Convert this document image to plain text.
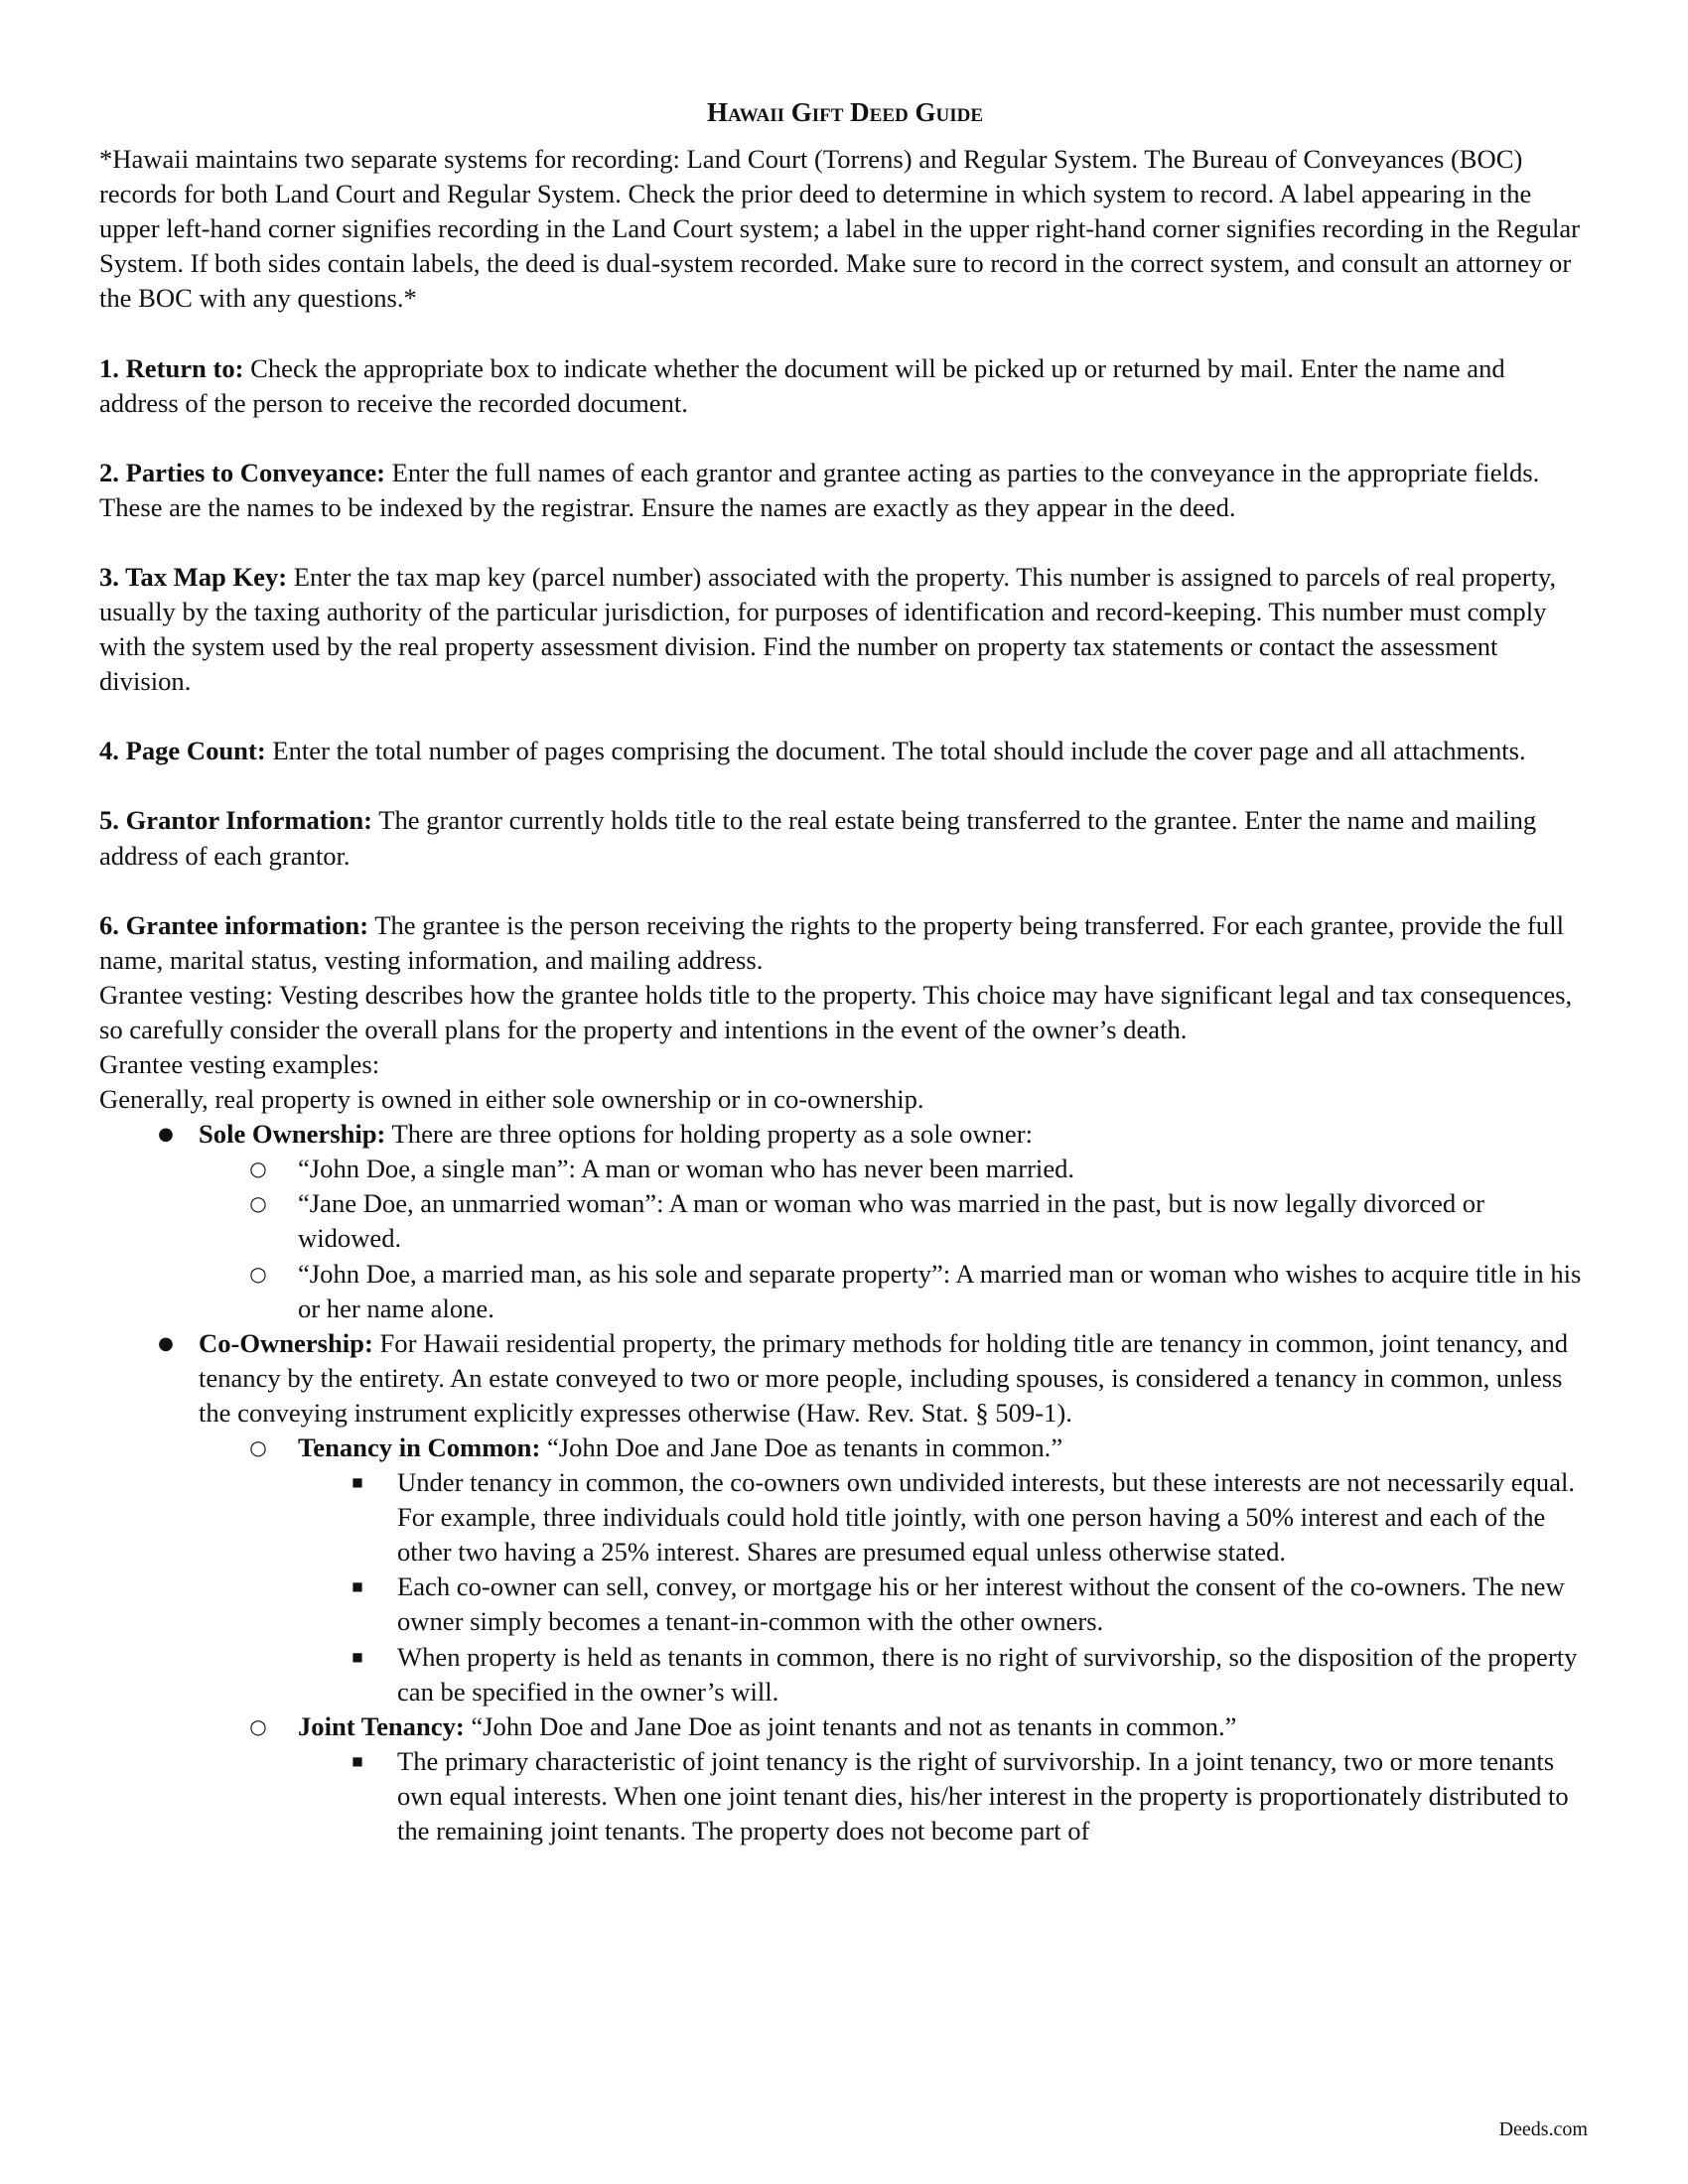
Hawaii Gift Deed Guide

*Hawaii maintains two separate systems for recording: Land Court (Torrens) and Regular System. The Bureau of Conveyances (BOC) records for both Land Court and Regular System. Check the prior deed to determine in which system to record. A label appearing in the upper left-hand corner signifies recording in the Land Court system; a label in the upper right-hand corner signifies recording in the Regular System. If both sides contain labels, the deed is dual-system recorded. Make sure to record in the correct system, and consult an attorney or the BOC with any questions.*

1. Return to: Check the appropriate box to indicate whether the document will be picked up or returned by mail. Enter the name and address of the person to receive the recorded document.

2. Parties to Conveyance: Enter the full names of each grantor and grantee acting as parties to the conveyance in the appropriate fields. These are the names to be indexed by the registrar. Ensure the names are exactly as they appear in the deed.

3. Tax Map Key: Enter the tax map key (parcel number) associated with the property. This number is assigned to parcels of real property, usually by the taxing authority of the particular jurisdiction, for purposes of identification and record-keeping. This number must comply with the system used by the real property assessment division. Find the number on property tax statements or contact the assessment division.

4. Page Count: Enter the total number of pages comprising the document. The total should include the cover page and all attachments.

5. Grantor Information: The grantor currently holds title to the real estate being transferred to the grantee. Enter the name and mailing address of each grantor.

6. Grantee information: The grantee is the person receiving the rights to the property being transferred. For each grantee, provide the full name, marital status, vesting information, and mailing address.

Grantee vesting: Vesting describes how the grantee holds title to the property. This choice may have significant legal and tax consequences, so carefully consider the overall plans for the property and intentions in the event of the owner’s death.

Grantee vesting examples:

Generally, real property is owned in either sole ownership or in co-ownership.

● Sole Ownership: There are three options for holding property as a sole owner:
○ “John Doe, a single man”: A man or woman who has never been married.
○ “Jane Doe, an unmarried woman”: A man or woman who was married in the past, but is now legally divorced or widowed.
○ “John Doe, a married man, as his sole and separate property”: A married man or woman who wishes to acquire title in his or her name alone.
● Co-Ownership: For Hawaii residential property, the primary methods for holding title are tenancy in common, joint tenancy, and tenancy by the entirety. An estate conveyed to two or more people, including spouses, is considered a tenancy in common, unless the conveying instrument explicitly expresses otherwise (Haw. Rev. Stat. § 509-1).
○ Tenancy in Common: “John Doe and Jane Doe as tenants in common.”
■ Under tenancy in common, the co-owners own undivided interests, but these interests are not necessarily equal. For example, three individuals could hold title jointly, with one person having a 50% interest and each of the other two having a 25% interest. Shares are presumed equal unless otherwise stated.
■ Each co-owner can sell, convey, or mortgage his or her interest without the consent of the co-owners. The new owner simply becomes a tenant-in-common with the other owners.
■ When property is held as tenants in common, there is no right of survivorship, so the disposition of the property can be specified in the owner’s will.
○ Joint Tenancy: “John Doe and Jane Doe as joint tenants and not as tenants in common.”
■ The primary characteristic of joint tenancy is the right of survivorship. In a joint tenancy, two or more tenants own equal interests. When one joint tenant dies, his/her interest in the property is proportionately distributed to the remaining joint tenants. The property does not become part of
Deeds.com
